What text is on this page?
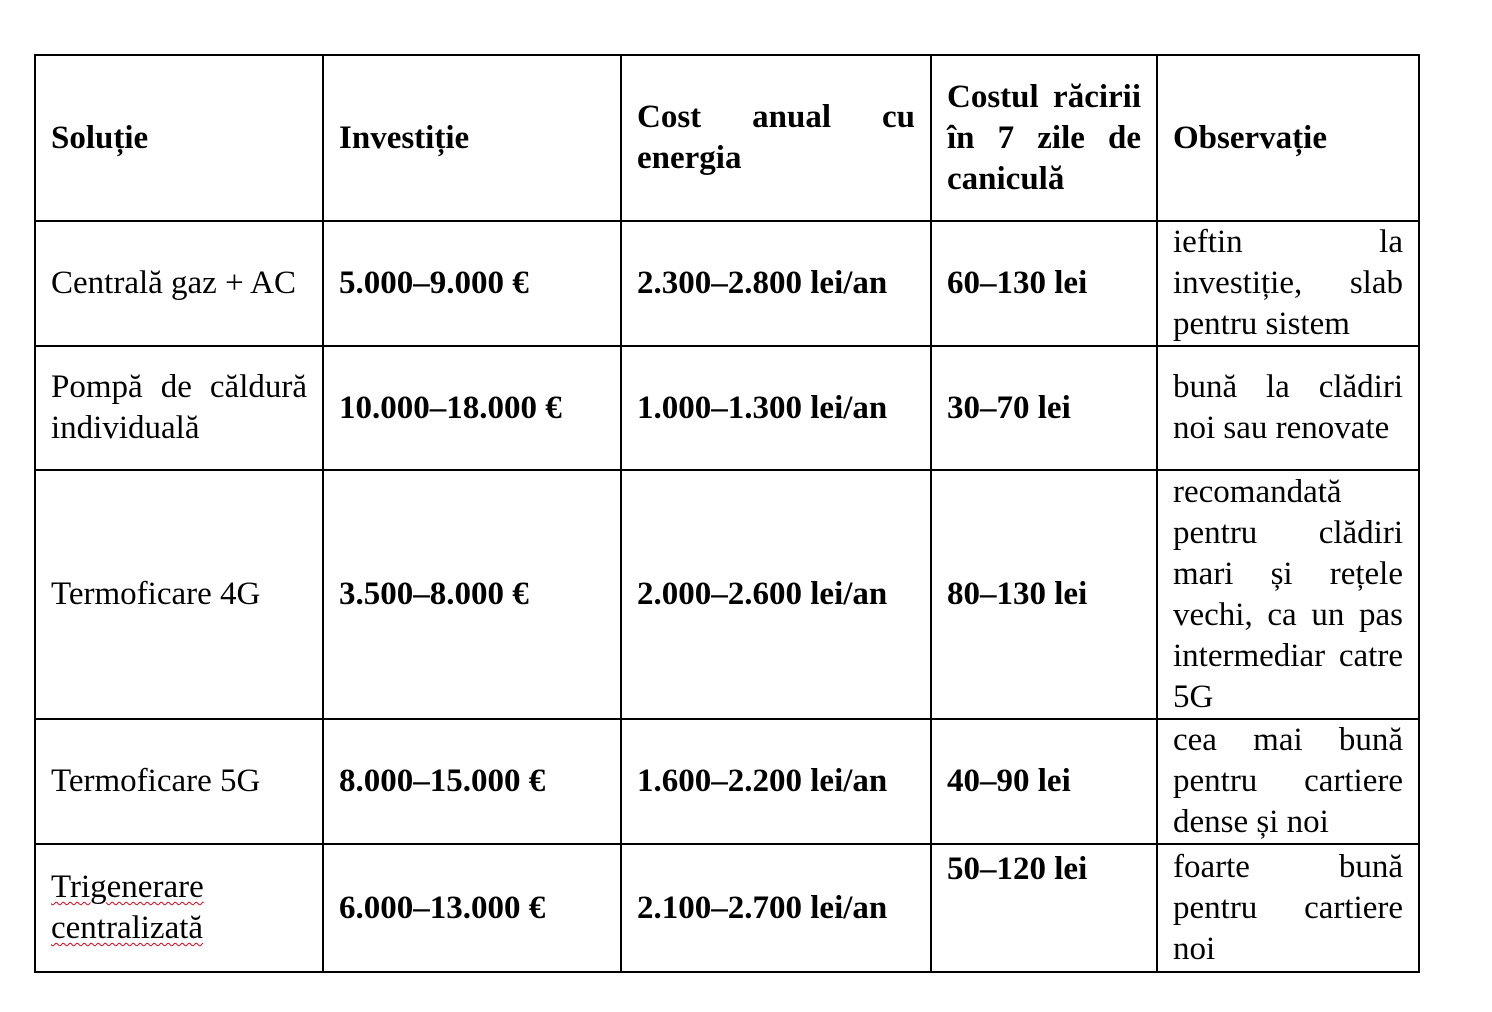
Soluție	Investiție	Cost anual cu energia	Costul răcirii în 7 zile de caniculă	Observație
Centrală gaz + AC	5.000–9.000 €	2.300–2.800 lei/an	60–130 lei	ieftin la investiție, slab pentru sistem
Pompă de căldură individuală	10.000–18.000 €	1.000–1.300 lei/an	30–70 lei	bună la clădiri noi sau renovate
Termoficare 4G	3.500–8.000 €	2.000–2.600 lei/an	80–130 lei	recomandată pentru clădiri mari și rețele vechi, ca un pas intermediar catre 5G
Termoficare 5G	8.000–15.000 €	1.600–2.200 lei/an	40–90 lei	cea mai bună pentru cartiere dense și noi
Trigenerare centralizată	6.000–13.000 €	2.100–2.700 lei/an	50–120 lei	foarte bună pentru cartiere noi
